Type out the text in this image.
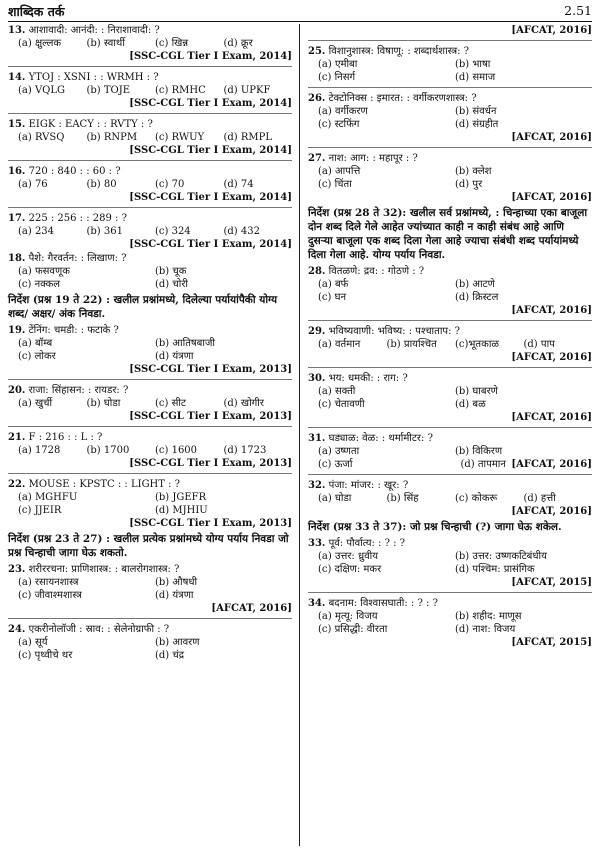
शाब्दिक तर्क	2.51

13. आशावादी: आनंदी: : निराशावादी: ?

(a) क्षुल्लक	(b) स्वार्थी	(c) खिन्न	(d) क्रूर
[SSC-CGL Tier I Exam, 2014]

14. YTOJ : XSNI : : WRMH : ?

(a) VQLG	(b) TOJE	(c) RMHC	(d) UPKF
[SSC-CGL Tier I Exam, 2014]

15. EIGK : EACY : : RVTY : ?

(a) RVSQ	(b) RNPM	(c) RWUY	(d) RMPL
[SSC-CGL Tier I Exam, 2014]

16. 720 : 840 : : 60 : ?

(a) 76	(b) 80	(c) 70	(d) 74
[SSC-CGL Tier I Exam, 2014]

17. 225 : 256 : : 289 : ?

(a) 234	(b) 361	(c) 324	(d) 432
[SSC-CGL Tier I Exam, 2014]

18. पैशे: गैरवर्तन: : लिखाण: ?

(a) फसवणूक	(b) चूक
(c) नक्कल	(d) चोरी

निर्देश (प्रश्न 19 ते 22) : खलील प्रश्नांमध्ये, दिलेल्या पर्यायांपैकी योग्य शब्द/ अक्षर/ अंक निवडा.

19. टेंनिंग: चमडी: : फटाके ?

(a) बॉम्ब	(b) आतिषबाजी
(c) लोकर	(d) यंत्रणा
[SSC-CGL Tier I Exam, 2013]

20. राजा: सिंहासन: : रायडर: ?

(a) खुर्ची	(b) घोडा	(c) सीट	(d) खोगीर
[SSC-CGL Tier I Exam, 2013]

21. F : 216 : : L : ?

(a) 1728	(b) 1700	(c) 1600	(d) 1723
[SSC-CGL Tier I Exam, 2013]

22. MOUSE : KPSTC : : LIGHT : ?

(a) MGHFU	(b) JGEFR
(c) JJEIR	(d) MJHIU
[SSC-CGL Tier I Exam, 2013]

निर्देश (प्रश्न 23 ते 27) : खलील प्रत्येक प्रश्नांमध्ये योग्य पर्याय निवडा जो प्रश्न चिन्हाची जागा घेऊ शकतो.

23. शरीररचना: प्राणिशास्त्र: : बालरोगशास्त्र: ?

(a) रसायनशास्त्र	(b) औषधी
(c) जीवाश्मशास्त्र	(d) यंत्रणा
[AFCAT, 2016]

24. एकरीनोलॉजी : स्राव: : सेलेनोग्राफी : ?

(a) सूर्य	(b) आवरण
(c) पृथ्वीचे थर	(d) चंद्र
[AFCAT, 2016]

25. विशानुशास्त्र: विषाणू: : शब्दार्थशास्त्र: ?

(a) एमीबा	(b) भाषा
(c) निसर्ग	(d) समाज

26. टेक्टोनिक्स : इमारत: : वर्गीकरणशास्त्र: ?

(a) वर्गीकरण	(b) संवर्धन
(c) स्टफिंग	(d) संग्रहीत
[AFCAT, 2016]

27. नाश: आग: : महापूर : ?

(a) आपत्ति	(b) क्लेश
(c) चिंता	(d) पुर
[AFCAT, 2016]

निर्देश (प्रश्न 28 ते 32): खलील सर्व प्रश्नांमध्ये, : चिन्हाच्या एका बाजूला दोन शब्द दिले गेले आहेत ज्यांच्यात काही न काही संबंध आहे आणि दुसऱ्या बाजूला एक शब्द दिला गेला आहे ज्याचा संबंधी शब्द पर्यायांमध्ये दिला गेला आहे. योग्य पर्याय निवडा.

28. वितळणे: द्रव: : गोठणे : ?

(a) बर्फ	(b) आटणे
(c) घन	(d) क्रिस्टल
[AFCAT, 2016]

29. भविष्यवाणी: भविष्य: : पश्चाताप: ?

(a) वर्तमान	(b) प्रायश्चित	(c)भूतकाळ	(d) पाप
[AFCAT, 2016]

30. भय: धमकी: : राग: ?

(a) सक्ती	(b) घाबरणे
(c) चेतावणी	(d) बळ
[AFCAT, 2016]

31. घड्याळ: वेळ: : थर्मामीटर: ?

(a) उष्णता	(b) विकिरण
(c) ऊर्जा	(d) तापमान [AFCAT, 2016]

32. पंजा: मांजर: : खूर: ?

(a) घोडा	(b) सिंह	(c) कोकरू	(d) हत्ती
[AFCAT, 2016]

निर्देश (प्रश्न 33 ते 37): जो प्रश्न चिन्हाची (?) जागा घेऊ शकेल.

33. पूर्व: पौर्वात्य: : ? : ?

(a) उत्तर: ध्रुवीय	(b) उत्तर: उष्णकटिबंधीय
(c) दक्षिण: मकर	(d) पश्चिम: प्रासंगिक
[AFCAT, 2015]

34. बदनाम: विश्वासघाती: : ? : ?

(a) मृत्यू: विजय	(b) शहीद: माणूस
(c) प्रसिद्धी: वीरता	(d) नाश: विजय
[AFCAT, 2015]
